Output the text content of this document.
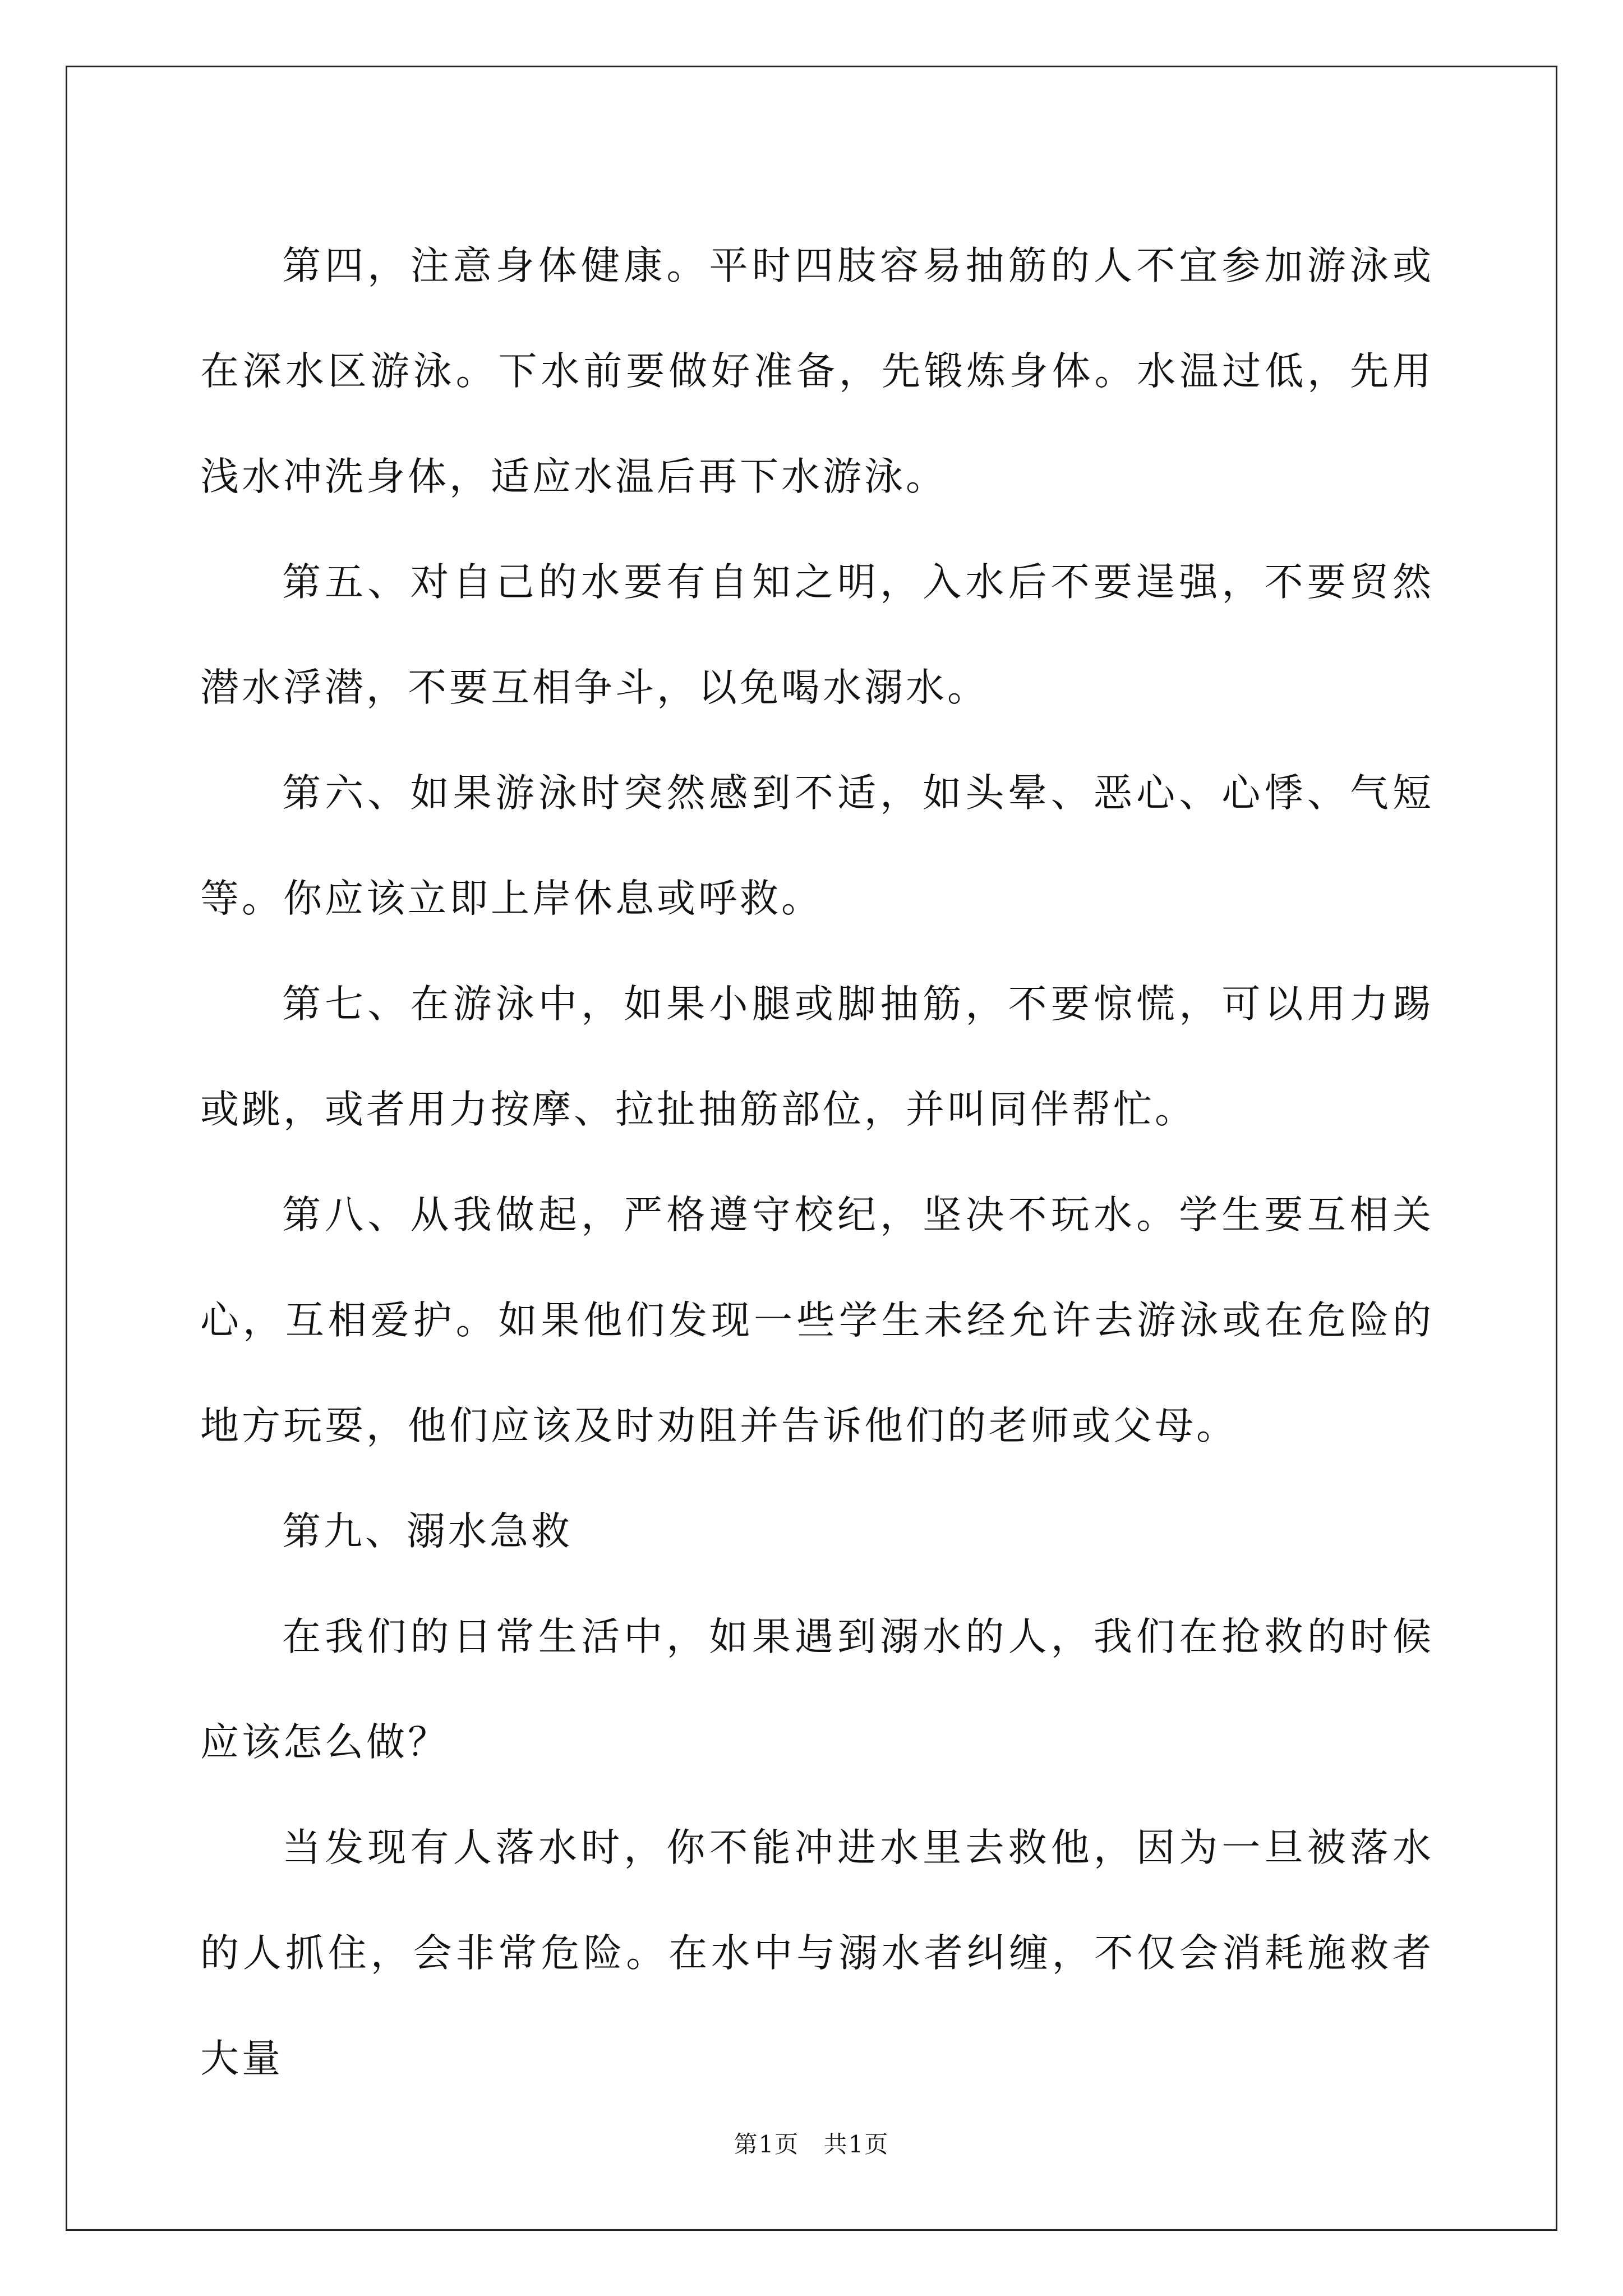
第四，注意身体健康。平时四肢容易抽筋的人不宜参加游泳或在深水区游泳。下水前要做好准备，先锻炼身体。水温过低，先用浅水冲洗身体，适应水温后再下水游泳。

第五、对自己的水要有自知之明，入水后不要逞强，不要贸然潜水浮潜，不要互相争斗，以免喝水溺水。

第六、如果游泳时突然感到不适，如头晕、恶心、心悸、气短等。你应该立即上岸休息或呼救。

第七、在游泳中，如果小腿或脚抽筋，不要惊慌，可以用力踢或跳，或者用力按摩、拉扯抽筋部位，并叫同伴帮忙。

第八、从我做起，严格遵守校纪，坚决不玩水。学生要互相关心，互相爱护。如果他们发现一些学生未经允许去游泳或在危险的地方玩耍，他们应该及时劝阻并告诉他们的老师或父母。

第九、溺水急救

在我们的日常生活中，如果遇到溺水的人，我们在抢救的时候应该怎么做？

当发现有人落水时，你不能冲进水里去救他，因为一旦被落水的人抓住，会非常危险。在水中与溺水者纠缠，不仅会消耗施救者大量

第1页 共1页
